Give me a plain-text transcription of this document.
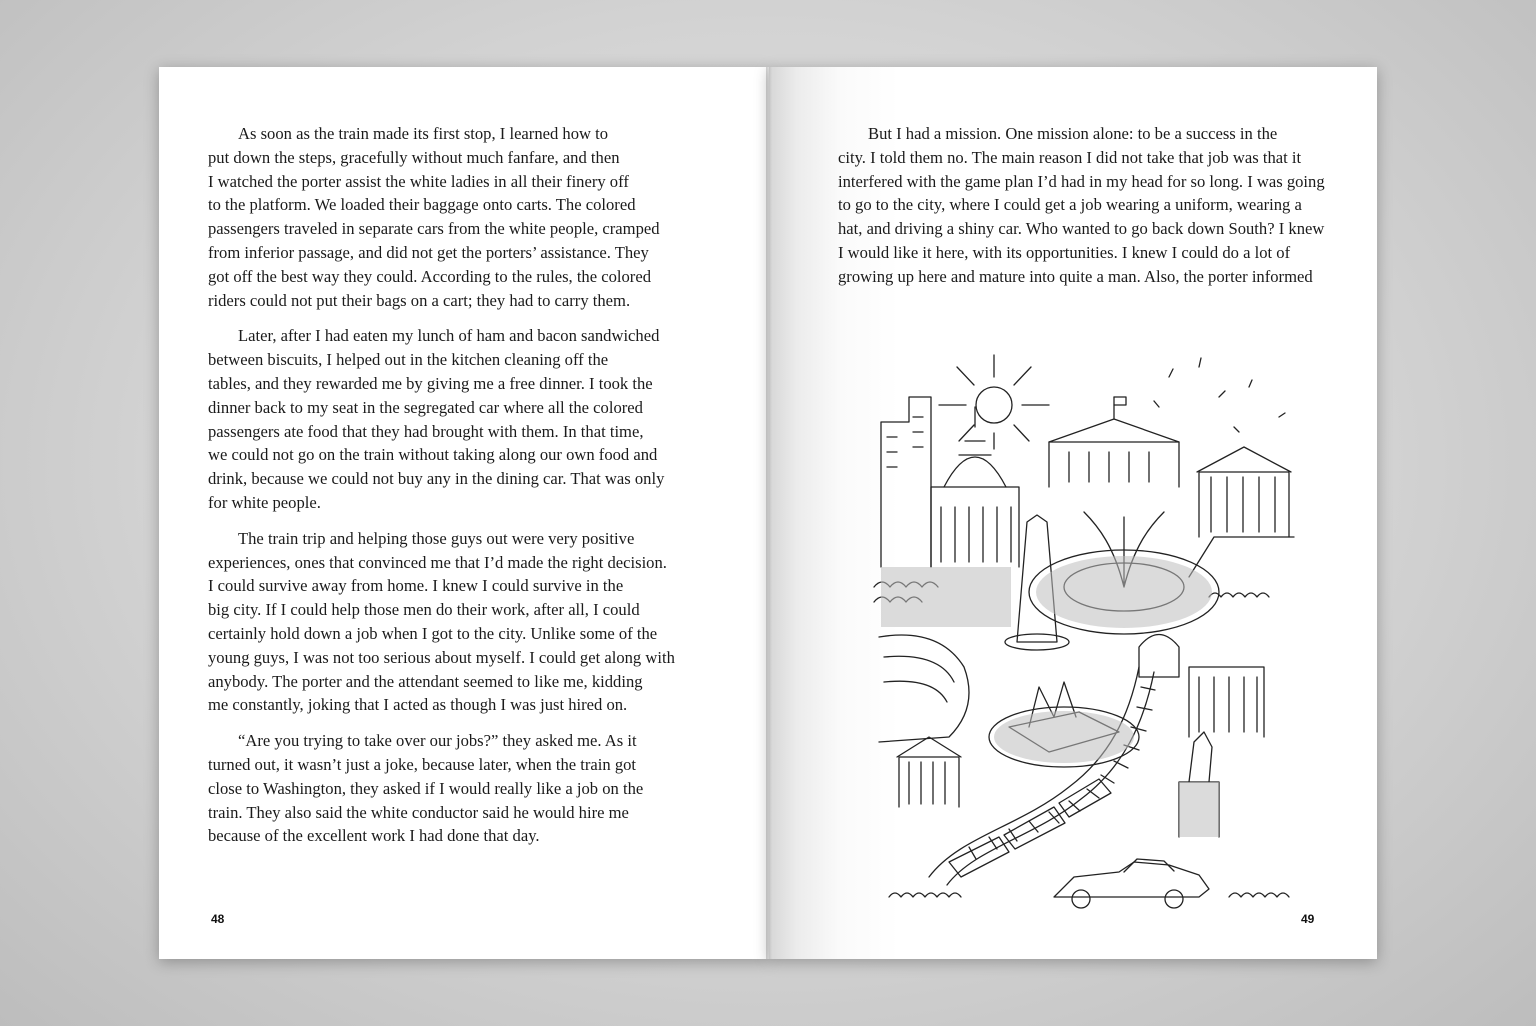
As soon as the train made its first stop, I learned how to
put down the steps, gracefully without much fanfare, and then
I watched the porter assist the white ladies in all their finery off
to the platform. We loaded their baggage onto carts. The colored
passengers traveled in separate cars from the white people, cramped
from inferior passage, and did not get the porters’ assistance. They
got off the best way they could. According to the rules, the colored
riders could not put their bags on a cart; they had to carry them.
Later, after I had eaten my lunch of ham and bacon sandwiched
between biscuits, I helped out in the kitchen cleaning off the
tables, and they rewarded me by giving me a free dinner. I took the
dinner back to my seat in the segregated car where all the colored
passengers ate food that they had brought with them. In that time,
we could not go on the train without taking along our own food and
drink, because we could not buy any in the dining car. That was only
for white people.
The train trip and helping those guys out were very positive
experiences, ones that convinced me that I’d made the right decision.
I could survive away from home. I knew I could survive in the
big city. If I could help those men do their work, after all, I could
certainly hold down a job when I got to the city. Unlike some of the
young guys, I was not too serious about myself. I could get along with
anybody. The porter and the attendant seemed to like me, kidding
me constantly, joking that I acted as though I was just hired on.
“Are you trying to take over our jobs?” they asked me. As it
turned out, it wasn’t just a joke, because later, when the train got
close to Washington, they asked if I would really like a job on the
train. They also said the white conductor said he would hire me
because of the excellent work I had done that day.
48
But I had a mission. One mission alone: to be a success in the
city. I told them no. The main reason I did not take that job was that it
interfered with the game plan I’d had in my head for so long. I was going
to go to the city, where I could get a job wearing a uniform, wearing a
hat, and driving a shiny car. Who wanted to go back down South? I knew
I would like it here, with its opportunities. I knew I could do a lot of
growing up here and mature into quite a man. Also, the porter informed
49
